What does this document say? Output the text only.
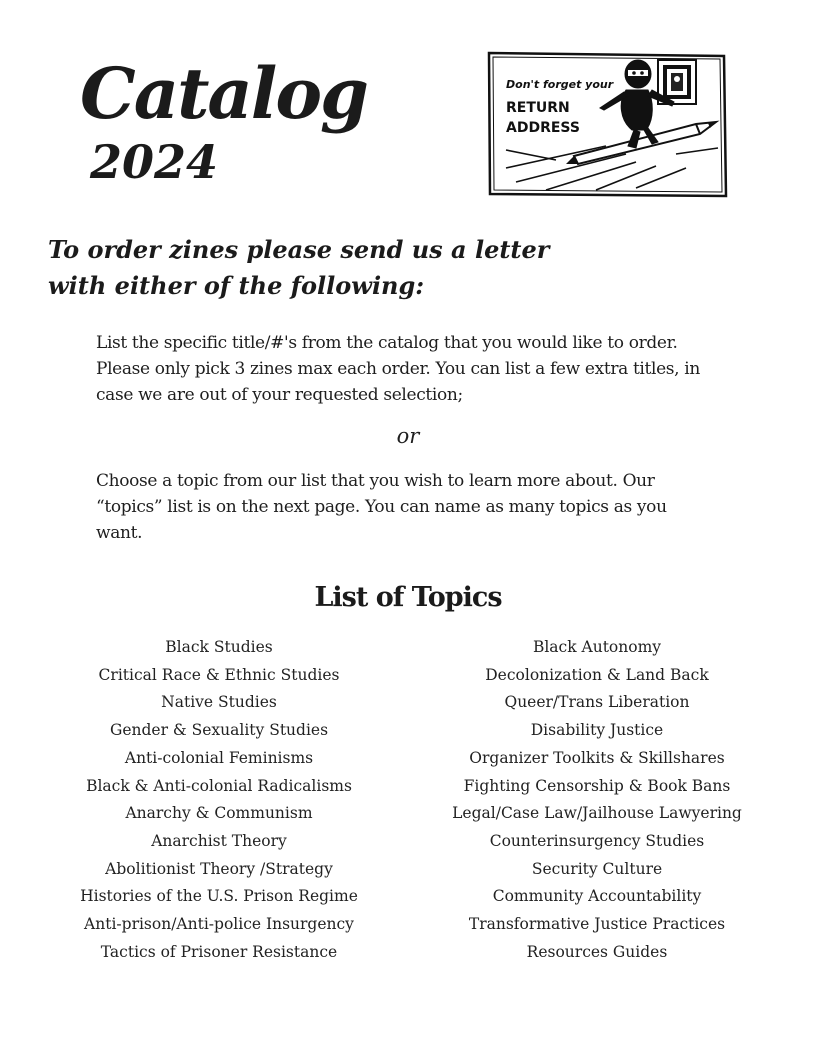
Catalog
2024
Don't forget your
RETURN
ADDRESS
To order zines please send us a letter
with either of the following:

List the specific title/#'s from the catalog that you would like to order.
Please only pick 3 zines max each order. You can list a few extra titles, in
case we are out of your requested selection;

or

Choose a topic from our list that you wish to learn more about. Our
“topics” list is on the next page. You can name as many topics as you
want.

List of Topics
Black Studies
Critical Race & Ethnic Studies
Native Studies
Gender & Sexuality Studies
Anti-colonial Feminisms
Black & Anti-colonial Radicalisms
Anarchy & Communism
Anarchist Theory
Abolitionist Theory /Strategy
Histories of the U.S. Prison Regime
Anti-prison/Anti-police Insurgency
Tactics of Prisoner Resistance
Black Autonomy
Decolonization & Land Back
Queer/Trans Liberation
Disability Justice
Organizer Toolkits & Skillshares
Fighting Censorship & Book Bans
Legal/Case Law/Jailhouse Lawyering
Counterinsurgency Studies
Security Culture
Community Accountability
Transformative Justice Practices
Resources Guides
